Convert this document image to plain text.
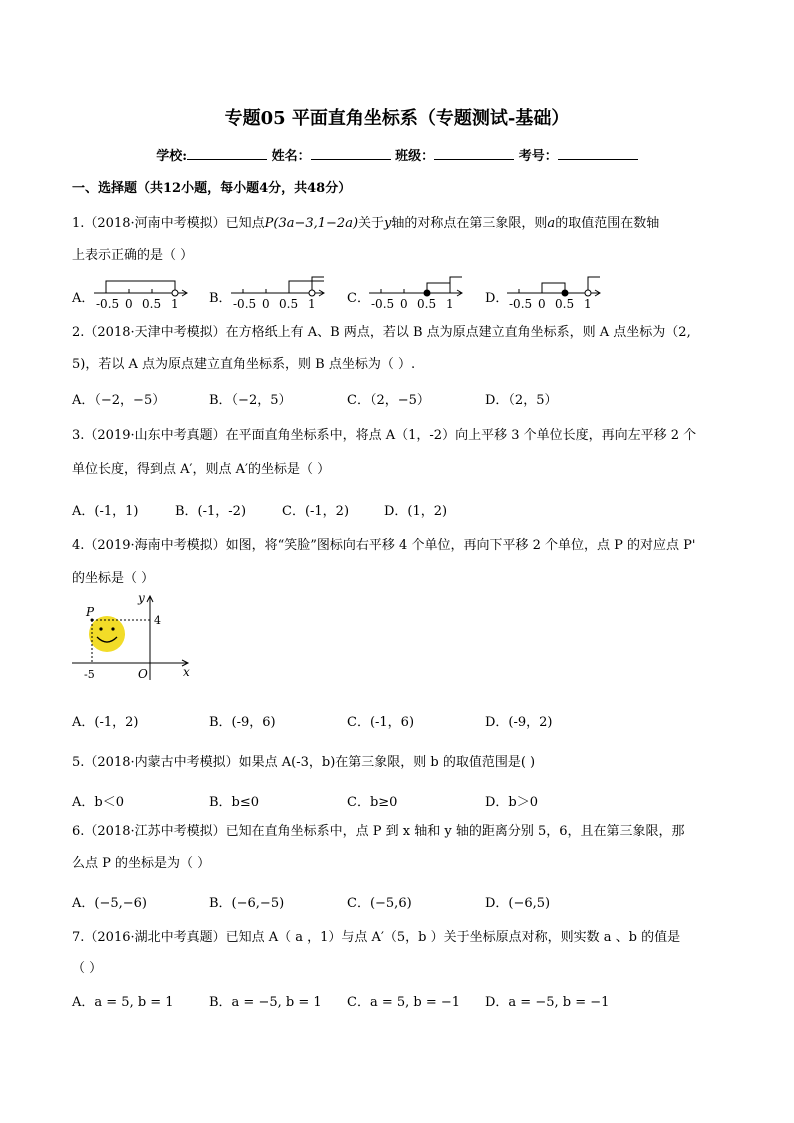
专题05 平面直角坐标系（专题测试-基础）
学校:	姓名：	班级：	考号：
一、选择题（共12小题，每小题4分，共48分）
1.（2018·河南中考模拟）已知点P(3a−3,1−2a)关于y轴的对称点在第三象限，则a的取值范围在数轴
上表示正确的是（ ）
A．	B．	C．	D．
-0.5 0 0.5 1	-0.5 0 0.5 1	-0.5 0 0.5 1	-0.5 0 0.5 1
2.（2018·天津中考模拟）在方格纸上有 A、B 两点，若以 B 点为原点建立直角坐标系，则 A 点坐标为（2,
5)，若以 A 点为原点建立直角坐标系，则 B 点坐标为（ ）.
A．（−2，−5）	B．（−2，5）	C．（2，−5）	D．（2，5）
3.（2019·山东中考真题）在平面直角坐标系中，将点 A（1，-2）向上平移 3 个单位长度，再向左平移 2 个
单位长度，得到点 A′，则点 A′的坐标是（ ）
A．(-1，1)	B．(-1，-2)	C．(-1，2)	D．(1，2)
4.（2019·海南中考模拟）如图，将“笑脸”图标向右平移 4 个单位，再向下平移 2 个单位，点 P 的对应点 P'
的坐标是（ ）
P
y
x
O
4
-5
A．(-1，2)	B．(-9，6)	C．(-1，6)	D．(-9，2)
5.（2018·内蒙古中考模拟）如果点 A(-3，b)在第三象限，则 b 的取值范围是( )
A．b＜0	B．b≤0	C．b≥0	D．b＞0
6.（2018·江苏中考模拟）已知在直角坐标系中，点 P 到 x 轴和 y 轴的距离分别 5，6，且在第三象限，那
么点 P 的坐标是为（ ）
A．(−5,−6)	B．(−6,−5)	C．(−5,6)	D．(−6,5)
7.（2016·湖北中考真题）已知点 A（ a ，1）与点 A′（5，b ）关于坐标原点对称，则实数 a 、b 的值是
（ ）
A．a = 5, b = 1	B．a = −5, b = 1 C．a = 5, b = −1 D．a = −5, b = −1
